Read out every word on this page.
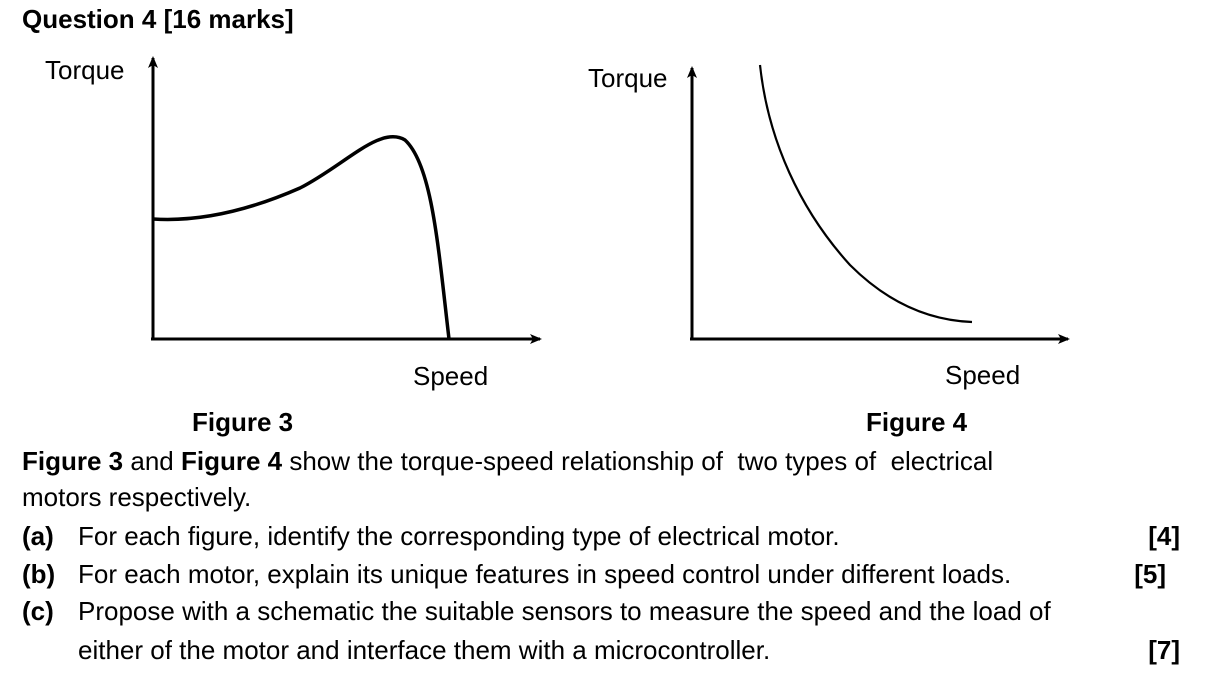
Question 4 [16 marks]
Torque
Speed
Torque
Speed
Figure 3	Figure 4
Figure 3 and Figure 4 show the torque-speed relationship of  two types of  electrical
motors respectively.
(a) For each figure, identify the corresponding type of electrical motor.	[4]
(b) For each motor, explain its unique features in speed control under different loads.	[5]
(c) Propose with a schematic the suitable sensors to measure the speed and the load of
either of the motor and interface them with a microcontroller.	[7]
